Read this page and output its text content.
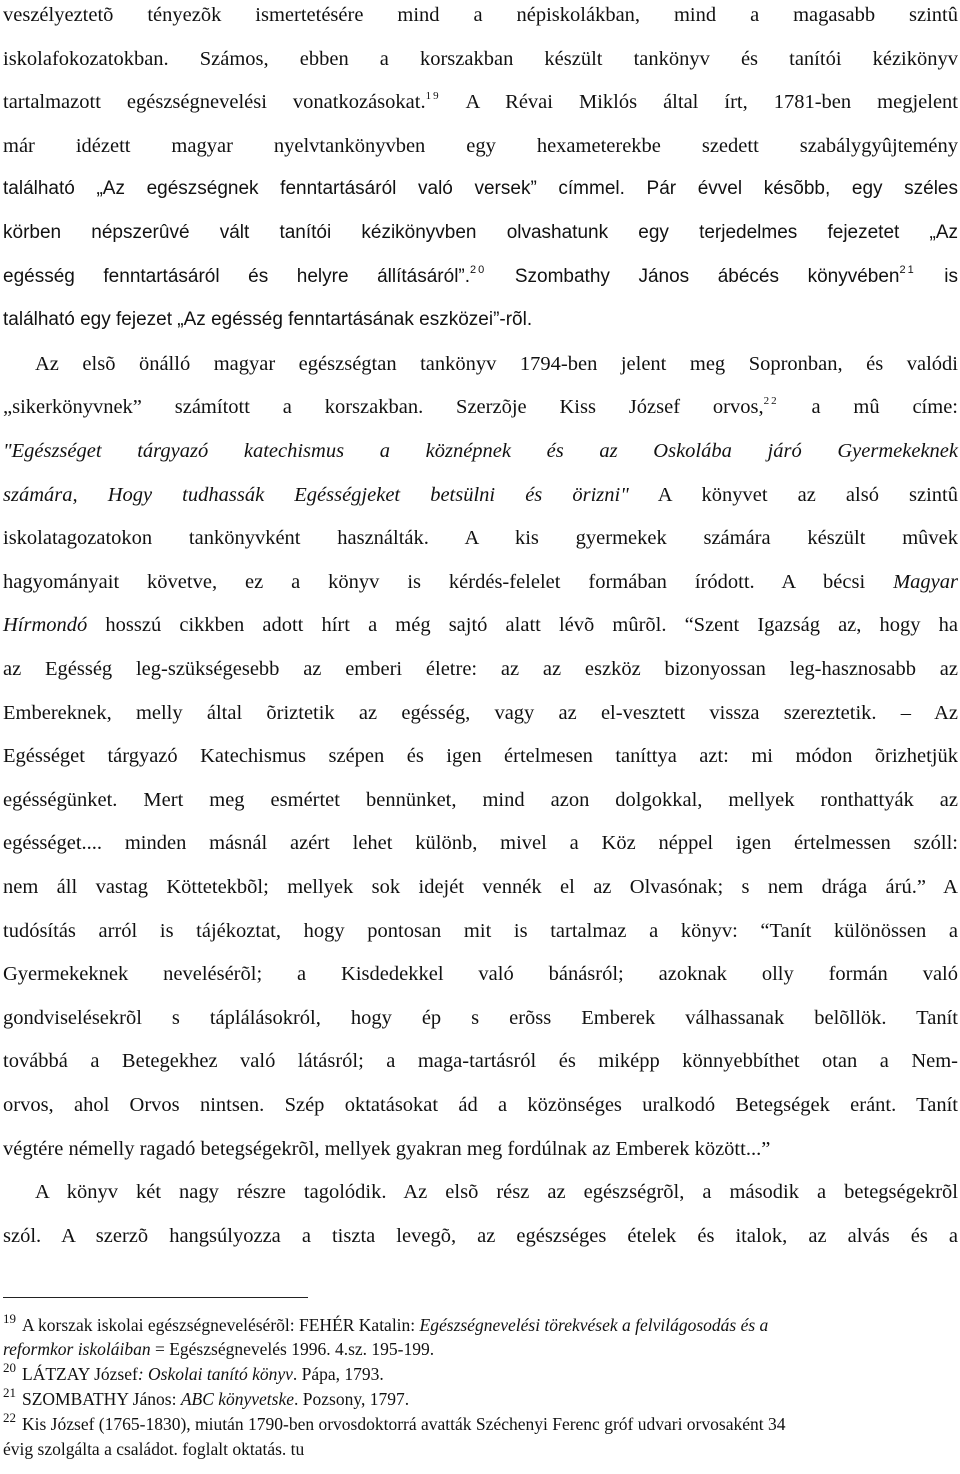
veszélyeztetõ tényezõk ismertetésére mind a népiskolákban, mind a magasabb szintû
iskolafokozatokban. Számos, ebben a korszakban készült tankönyv és tanítói kézikönyv
tartalmazott egészségnevelési vonatkozásokat.$^{19}$ A Révai Miklós által írt, 1781-ben megjelent
már idézett magyar nyelvtankönyvben egy hexameterekbe szedett szabálygyûjtemény
található „Az egészségnek fenntartásáról való versek” címmel. Pár évvel késõbb, egy széles
körben népszerûvé vált tanítói kézikönyvben olvashatunk egy terjedelmes fejezetet „Az
egésség fenntartásáról és helyre állításáról”.$^{20}$ Szombathy János ábécés könyvében$^{21}$ is
található egy fejezet „Az egésség fenntartásának eszközei”-rõl.
Az elsõ önálló magyar egészségtan tankönyv 1794-ben jelent meg Sopronban, és valódi
„sikerkönyvnek” számított a korszakban. Szerzõje Kiss József orvos,$^{22}$ a mû címe:
"Egészséget tárgyazó katechismus a köznépnek és az Oskolába járó Gyermekeknek
számára, Hogy tudhassák Egésségjeket betsülni és örizni" A könyvet az alsó szintû
iskolatagozatokon tankönyvként használták. A kis gyermekek számára készült mûvek
hagyományait követve, ez a könyv is kérdés-felelet formában íródott. A bécsi Magyar
Hírmondó hosszú cikkben adott hírt a még sajtó alatt lévõ mûrõl. “Szent Igazság az, hogy ha
az Egésség leg-szükségesebb az emberi életre: az az eszköz bizonyossan leg-hasznosabb az
Embereknek, melly által õriztetik az egésség, vagy az el-vesztett vissza szereztetik. – Az
Egésséget tárgyazó Katechismus szépen és igen értelmesen taníttya azt: mi módon õrizhetjük
egésségünket. Mert meg esmértet bennünket, mind azon dolgokkal, mellyek ronthattyák az
egésséget.... minden másnál azért lehet különb, mivel a Köz néppel igen értelmessen szóll:
nem áll vastag Köttetekbõl; mellyek sok idejét vennék el az Olvasónak; s nem drága árú.” A
tudósítás arról is tájékoztat, hogy pontosan mit is tartalmaz a könyv: “Tanít különössen a
Gyermekeknek nevelésérõl; a Kisdedekkel való bánásról; azoknak olly formán való
gondviselésekrõl s táplálásokról, hogy ép s erõss Emberek válhassanak belõllök. Tanít
továbbá a Betegekhez való látásról; a maga-tartásról és miképp könnyebbíthet otan a Nem-
orvos, ahol Orvos nintsen. Szép oktatásokat ád a közönséges uralkodó Betegségek eránt. Tanít
végtére némelly ragadó betegségekrõl, mellyek gyakran meg fordúlnak az Emberek között...”
A könyv két nagy részre tagolódik. Az elsõ rész az egészségrõl, a második a betegségekrõl
szól. A szerzõ hangsúlyozza a tiszta levegõ, az egészséges ételek és italok, az alvás és a
$^{19}$ A korszak iskolai egészségnevelésérõl: FEHÉR Katalin: Egészségnevelési törekvések a felvilágosodás és a
reformkor iskoláiban = Egészségnevelés 1996. 4.sz. 195-199.
$^{20}$ LÁTZAY József: Oskolai tanító könyv. Pápa, 1793.
$^{21}$ SZOMBATHY János: ABC könyvetske. Pozsony, 1797.
$^{22}$ Kis József (1765-1830), miután 1790-ben orvosdoktorrá avatták Széchenyi Ferenc gróf udvari orvosaként 34
évig szolgálta a családot. foglalt oktatás. tu
